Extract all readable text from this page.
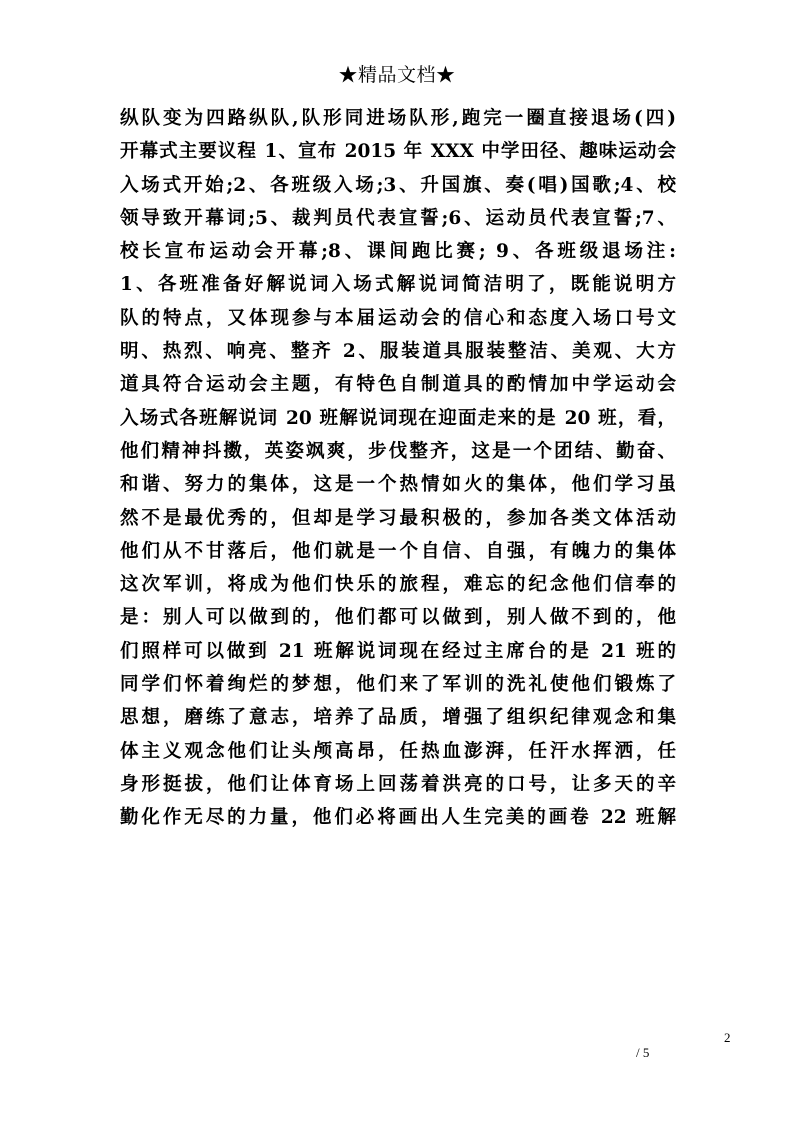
★精品文档★
纵队变为四路纵队,队形同进场队形,跑完一圈直接退场(四)
开幕式主要议程 1、宣布 2015 年 XXX 中学田径、趣味运动会
入场式开始;2、各班级入场;3、升国旗、奏(唱)国歌;4、校
领导致开幕词;5、裁判员代表宣誓;6、运动员代表宣誓;7、
校长宣布运动会开幕;8、课间跑比赛; 9、各班级退场注:
1、各班准备好解说词入场式解说词简洁明了，既能说明方
队的特点，又体现参与本届运动会的信心和态度入场口号文
明、热烈、响亮、整齐 2、服装道具服装整洁、美观、大方
道具符合运动会主题，有特色自制道具的酌情加中学运动会
入场式各班解说词 20 班解说词现在迎面走来的是 20 班，看，
他们精神抖擞，英姿飒爽，步伐整齐，这是一个团结、勤奋、
和谐、努力的集体，这是一个热情如火的集体，他们学习虽
然不是最优秀的，但却是学习最积极的，参加各类文体活动
他们从不甘落后，他们就是一个自信、自强，有魄力的集体
这次军训，将成为他们快乐的旅程，难忘的纪念他们信奉的
是：别人可以做到的，他们都可以做到，别人做不到的，他
们照样可以做到 21 班解说词现在经过主席台的是 21 班的
同学们怀着绚烂的梦想，他们来了军训的洗礼使他们锻炼了
思想，磨练了意志，培养了品质，增强了组织纪律观念和集
体主义观念他们让头颅高昂，任热血澎湃，任汗水挥洒，任
身形挺拔，他们让体育场上回荡着洪亮的口号，让多天的辛
勤化作无尽的力量，他们必将画出人生完美的画卷 22 班解
2
/ 5
